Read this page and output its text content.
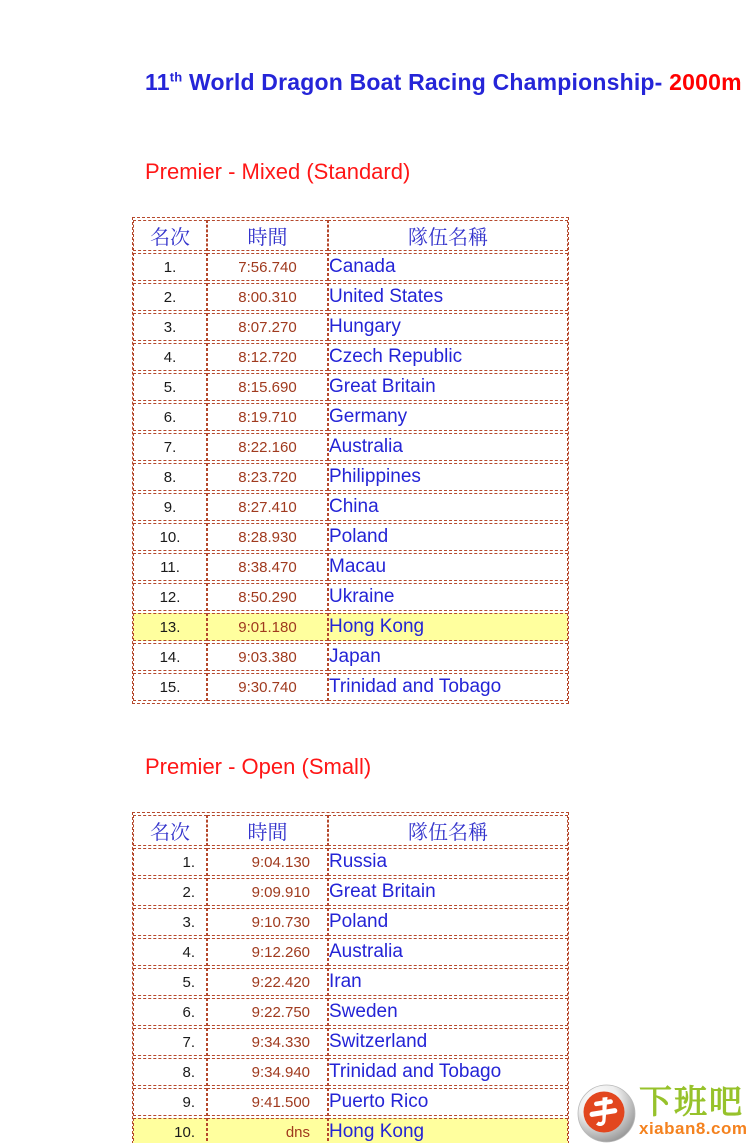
11th World Dragon Boat Racing Championship- 2000m
Premier - Mixed (Standard)
名次	時間	隊伍名稱
1.	7:56.740	Canada
2.	8:00.310	United States
3.	8:07.270	Hungary
4.	8:12.720	Czech Republic
5.	8:15.690	Great Britain
6.	8:19.710	Germany
7.	8:22.160	Australia
8.	8:23.720	Philippines
9.	8:27.410	China
10.	8:28.930	Poland
11.	8:38.470	Macau
12.	8:50.290	Ukraine
13.	9:01.180	Hong Kong
14.	9:03.380	Japan
15.	9:30.740	Trinidad and Tobago
Premier - Open (Small)
名次	時間	隊伍名稱
1.	9:04.130	Russia
2.	9:09.910	Great Britain
3.	9:10.730	Poland
4.	9:12.260	Australia
5.	9:22.420	Iran
6.	9:22.750	Sweden
7.	9:34.330	Switzerland
8.	9:34.940	Trinidad and Tobago
9.	9:41.500	Puerto Rico
10.	dns	Hong Kong
下班吧
xiaban8.com
